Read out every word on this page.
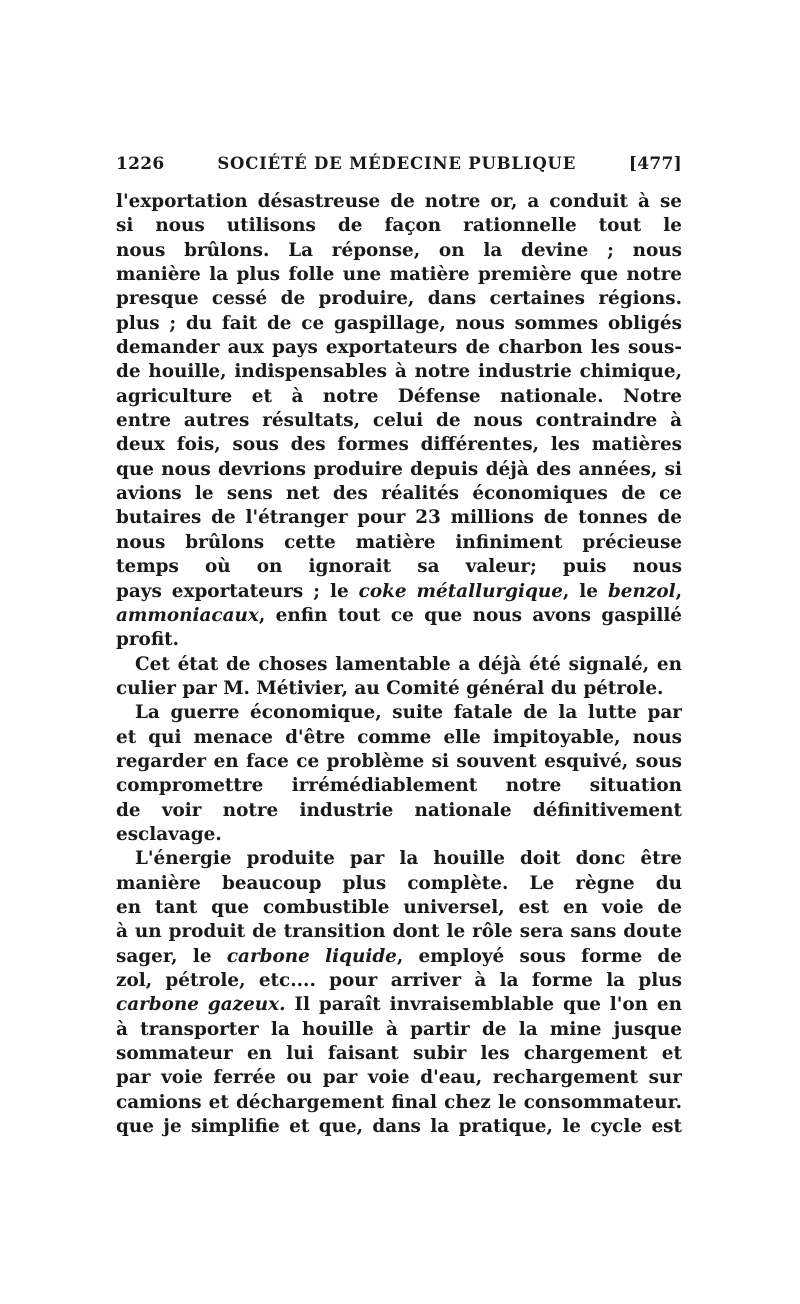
1226	SOCIÉTÉ DE MÉDECINE PUBLIQUE	[477]
l'exportation désastreuse de notre or, a conduit à se
si nous utilisons de façon rationnelle tout le
nous brûlons. La réponse, on la devine ; nous
manière la plus folle une matière première que notre
presque cessé de produire, dans certaines régions.
plus ; du fait de ce gaspillage, nous sommes obligés
demander aux pays exportateurs de charbon les sous-
de houille, indispensables à notre industrie chimique,
agriculture et à notre Défense nationale. Notre
entre autres résultats, celui de nous contraindre à
deux fois, sous des formes différentes, les matières
que nous devrions produire depuis déjà des années, si
avions le sens net des réalités économiques de ce
butaires de l'étranger pour 23 millions de tonnes de
nous brûlons cette matière infiniment précieuse
temps où on ignorait sa valeur; puis nous
pays exportateurs ; le coke métallurgique, le benzol,
ammoniacaux, enfin tout ce que nous avons gaspillé
profit.
Cet état de choses lamentable a déjà été signalé, en
culier par M. Métivier, au Comité général du pétrole.
La guerre économique, suite fatale de la lutte par
et qui menace d'être comme elle impitoyable, nous
regarder en face ce problème si souvent esquivé, sous
compromettre irrémédiablement notre situation
de voir notre industrie nationale définitivement
esclavage.
L'énergie produite par la houille doit donc être
manière beaucoup plus complète. Le règne du
en tant que combustible universel, est en voie de
à un produit de transition dont le rôle sera sans doute
sager, le carbone liquide, employé sous forme de
zol, pétrole, etc.... pour arriver à la forme la plus
carbone gazeux. Il paraît invraisemblable que l'on en
à transporter la houille à partir de la mine jusque
sommateur en lui faisant subir les chargement et
par voie ferrée ou par voie d'eau, rechargement sur
camions et déchargement final chez le consommateur.
que je simplifie et que, dans la pratique, le cycle est
